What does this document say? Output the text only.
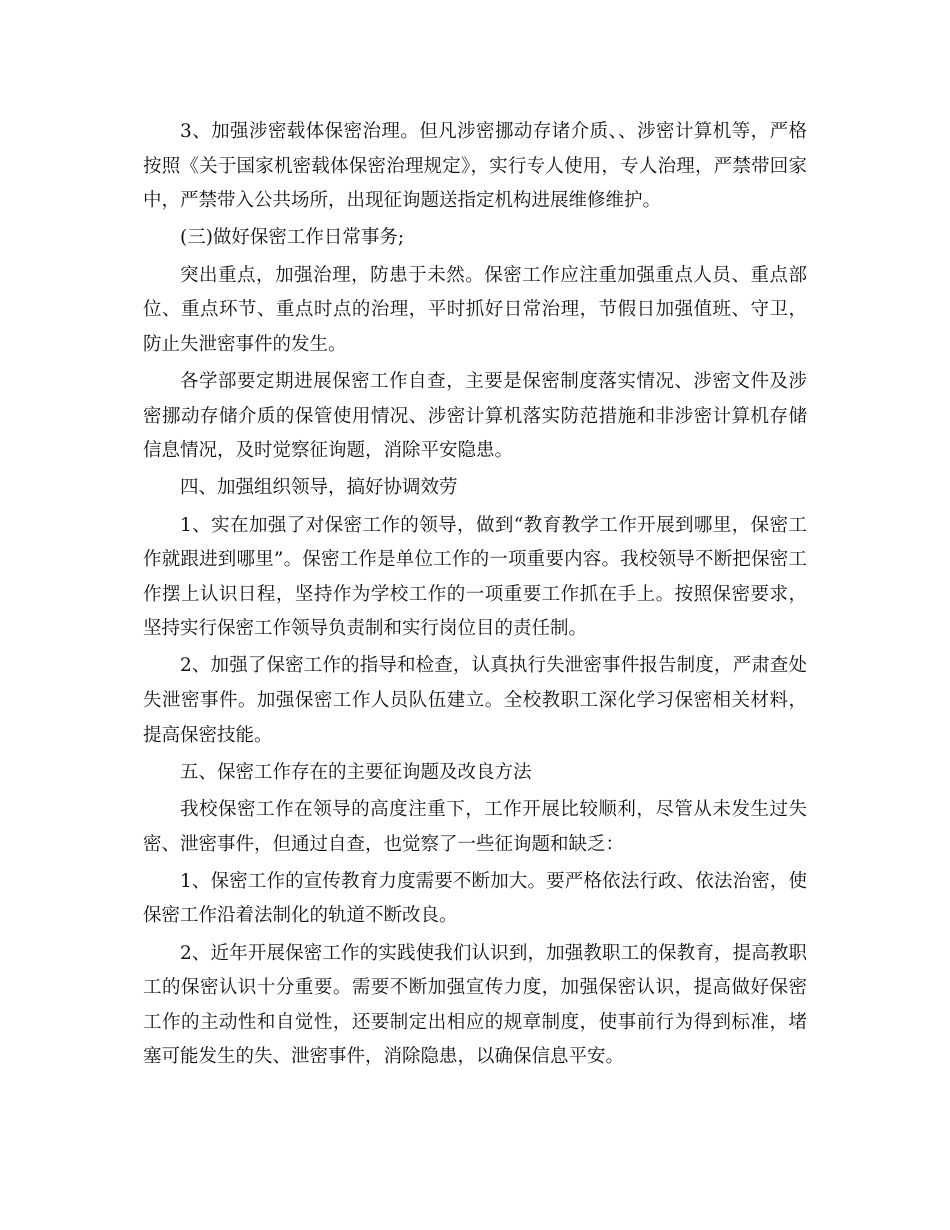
3、加强涉密载体保密治理。但凡涉密挪动存诸介质、、涉密计算机等，严格按照《关于国家机密载体保密治理规定》，实行专人使用，专人治理，严禁带回家中，严禁带入公共场所，出现征询题送指定机构进展维修维护。

(三)做好保密工作日常事务;

突出重点，加强治理，防患于未然。保密工作应注重加强重点人员、重点部位、重点环节、重点时点的治理，平时抓好日常治理，节假日加强值班、守卫，防止失泄密事件的发生。

各学部要定期进展保密工作自查，主要是保密制度落实情况、涉密文件及涉密挪动存储介质的保管使用情况、涉密计算机落实防范措施和非涉密计算机存储信息情况，及时觉察征询题，消除平安隐患。

四、加强组织领导，搞好协调效劳

1、实在加强了对保密工作的领导，做到“教育教学工作开展到哪里，保密工作就跟进到哪里”。保密工作是单位工作的一项重要内容。我校领导不断把保密工作摆上认识日程，坚持作为学校工作的一项重要工作抓在手上。按照保密要求，坚持实行保密工作领导负责制和实行岗位目的责任制。

2、加强了保密工作的指导和检查，认真执行失泄密事件报告制度，严肃查处失泄密事件。加强保密工作人员队伍建立。全校教职工深化学习保密相关材料，提高保密技能。

五、保密工作存在的主要征询题及改良方法

我校保密工作在领导的高度注重下，工作开展比较顺利，尽管从未发生过失密、泄密事件，但通过自查，也觉察了一些征询题和缺乏：

1、保密工作的宣传教育力度需要不断加大。要严格依法行政、依法治密，使保密工作沿着法制化的轨道不断改良。

2、近年开展保密工作的实践使我们认识到，加强教职工的保教育，提高教职工的保密认识十分重要。需要不断加强宣传力度，加强保密认识，提高做好保密工作的主动性和自觉性，还要制定出相应的规章制度，使事前行为得到标准，堵塞可能发生的失、泄密事件，消除隐患，以确保信息平安。
